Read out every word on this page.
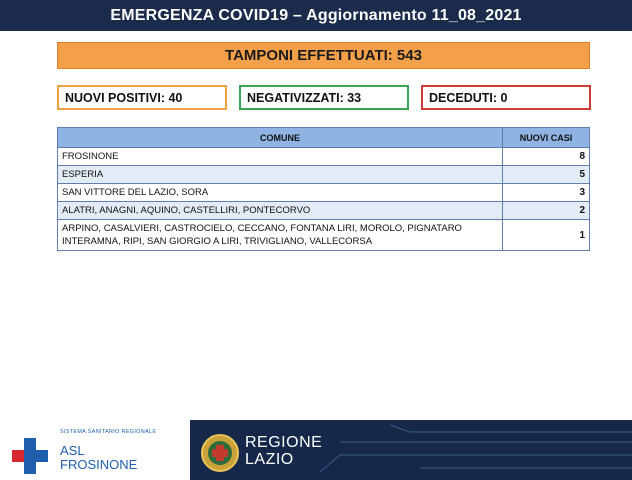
EMERGENZA COVID19 – Aggiornamento 11_08_2021
TAMPONI EFFETTUATI: 543
NUOVI POSITIVI: 40	NEGATIVIZZATI: 33	DECEDUTI: 0
COMUNE	NUOVI CASI
FROSINONE	8
ESPERIA	5
SAN VITTORE DEL LAZIO, SORA	3
ALATRI, ANAGNI, AQUINO, CASTELLIRI, PONTECORVO	2
ARPINO, CASALVIERI, CASTROCIELO, CECCANO, FONTANA LIRI, MOROLO, PIGNATARO INTERAMNA, RIPI, SAN GIORGIO A LIRI, TRIVIGLIANO, VALLECORSA	1
SISTEMA SANITARIO REGIONALE
ASL
FROSINONE
REGIONE
LAZIO
